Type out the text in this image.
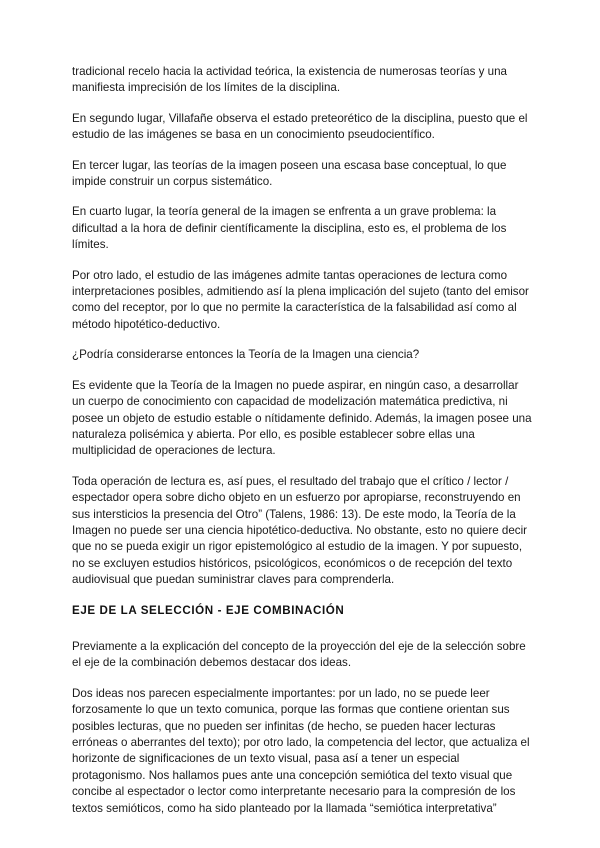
tradicional recelo hacia la actividad teórica, la existencia de numerosas teorías y una manifiesta imprecisión de los límites de la disciplina.

En segundo lugar, Villafañe observa el estado preteorético de la disciplina, puesto que el estudio de las imágenes se basa en un conocimiento pseudocientífico.

En tercer lugar, las teorías de la imagen poseen una escasa base conceptual, lo que impide construir un corpus sistemático.

En cuarto lugar, la teoría general de la imagen se enfrenta a un grave problema: la dificultad a la hora de definir científicamente la disciplina, esto es, el problema de los límites.

Por otro lado, el estudio de las imágenes admite tantas operaciones de lectura como interpretaciones posibles, admitiendo así la plena implicación del sujeto (tanto del emisor como del receptor, por lo que no permite la característica de la falsabilidad así como al método hipotético-deductivo.

¿Podría considerarse entonces la Teoría de la Imagen una ciencia?

Es evidente que la Teoría de la Imagen no puede aspirar, en ningún caso, a desarrollar un cuerpo de conocimiento con capacidad de modelización matemática predictiva, ni posee un objeto de estudio estable o nítidamente definido. Además, la imagen posee una naturaleza polisémica y abierta. Por ello, es posible establecer sobre ellas una multiplicidad de operaciones de lectura.

Toda operación de lectura es, así pues, el resultado del trabajo que el crítico / lector / espectador opera sobre dicho objeto en un esfuerzo por apropiarse, reconstruyendo en sus intersticios la presencia del Otro” (Talens, 1986: 13). De este modo, la Teoría de la Imagen no puede ser una ciencia hipotético-deductiva. No obstante, esto no quiere decir que no se pueda exigir un rigor epistemológico al estudio de la imagen. Y por supuesto, no se excluyen estudios históricos, psicológicos, económicos o de recepción del texto audiovisual que puedan suministrar claves para comprenderla.

EJE DE LA SELECCIÓN - EJE COMBINACIÓN

Previamente a la explicación del concepto de la proyección del eje de la selección sobre el eje de la combinación debemos destacar dos ideas.

Dos ideas nos parecen especialmente importantes: por un lado, no se puede leer forzosamente lo que un texto comunica, porque las formas que contiene orientan sus posibles lecturas, que no pueden ser infinitas (de hecho, se pueden hacer lecturas erróneas o aberrantes del texto); por otro lado, la competencia del lector, que actualiza el horizonte de significaciones de un texto visual, pasa así a tener un especial protagonismo. Nos hallamos pues ante una concepción semiótica del texto visual que concibe al espectador o lector como interpretante necesario para la compresión de los textos semióticos, como ha sido planteado por la llamada “semiótica interpretativa”
